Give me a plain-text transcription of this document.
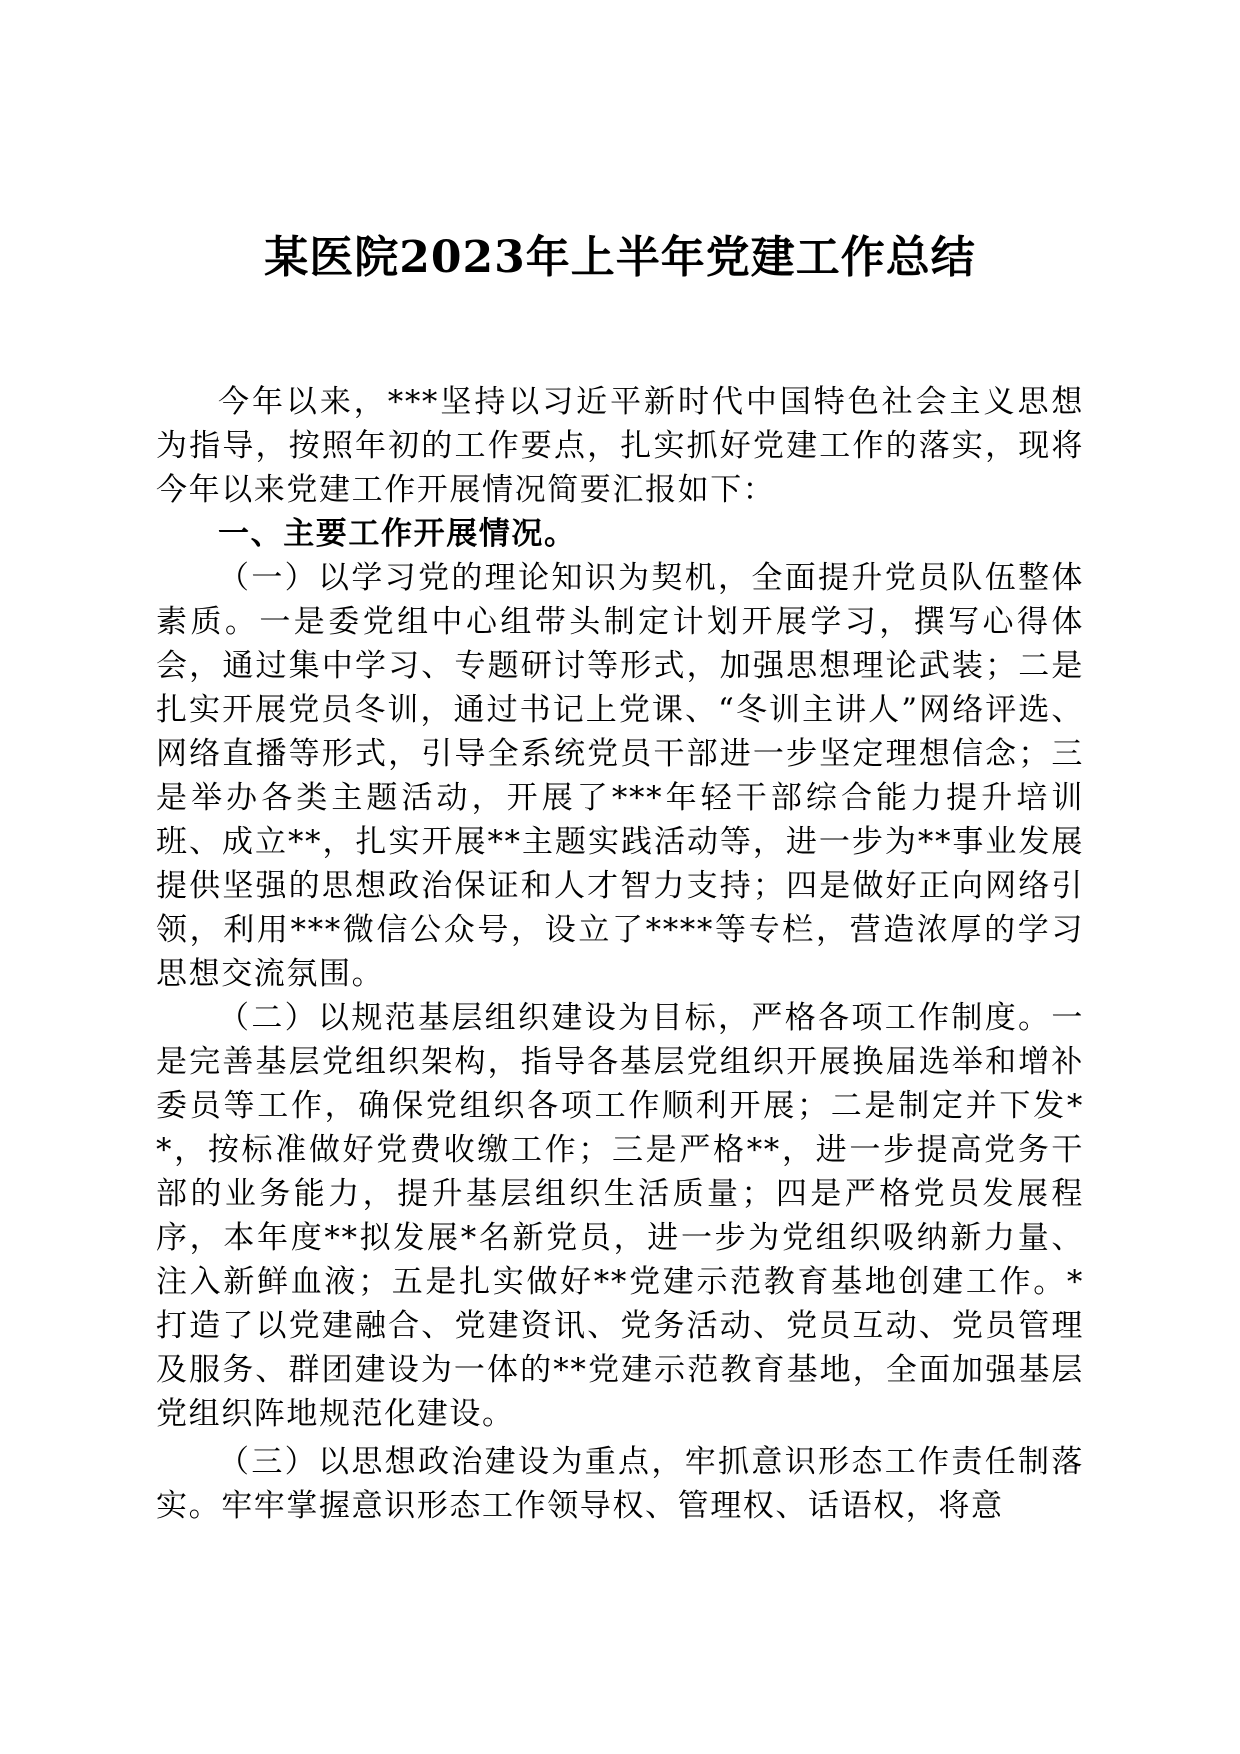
某医院2023年上半年党建工作总结

今年以来，***坚持以习近平新时代中国特色社会主义思想为指导，按照年初的工作要点，扎实抓好党建工作的落实，现将今年以来党建工作开展情况简要汇报如下：

一、主要工作开展情况。

（一）以学习党的理论知识为契机，全面提升党员队伍整体素质。一是委党组中心组带头制定计划开展学习，撰写心得体会，通过集中学习、专题研讨等形式，加强思想理论武装；二是扎实开展党员冬训，通过书记上党课、“冬训主讲人”网络评选、网络直播等形式，引导全系统党员干部进一步坚定理想信念；三是举办各类主题活动，开展了***年轻干部综合能力提升培训班、成立**，扎实开展**主题实践活动等，进一步为**事业发展提供坚强的思想政治保证和人才智力支持；四是做好正向网络引领，利用***微信公众号，设立了****等专栏，营造浓厚的学习思想交流氛围。

（二）以规范基层组织建设为目标，严格各项工作制度。一是完善基层党组织架构，指导各基层党组织开展换届选举和增补委员等工作，确保党组织各项工作顺利开展；二是制定并下发**，按标准做好党费收缴工作；三是严格**，进一步提高党务干部的业务能力，提升基层组织生活质量；四是严格党员发展程序，本年度**拟发展*名新党员，进一步为党组织吸纳新力量、注入新鲜血液；五是扎实做好**党建示范教育基地创建工作。*打造了以党建融合、党建资讯、党务活动、党员互动、党员管理及服务、群团建设为一体的**党建示范教育基地，全面加强基层党组织阵地规范化建设。

（三）以思想政治建设为重点，牢抓意识形态工作责任制落实。牢牢掌握意识形态工作领导权、管理权、话语权，将意
